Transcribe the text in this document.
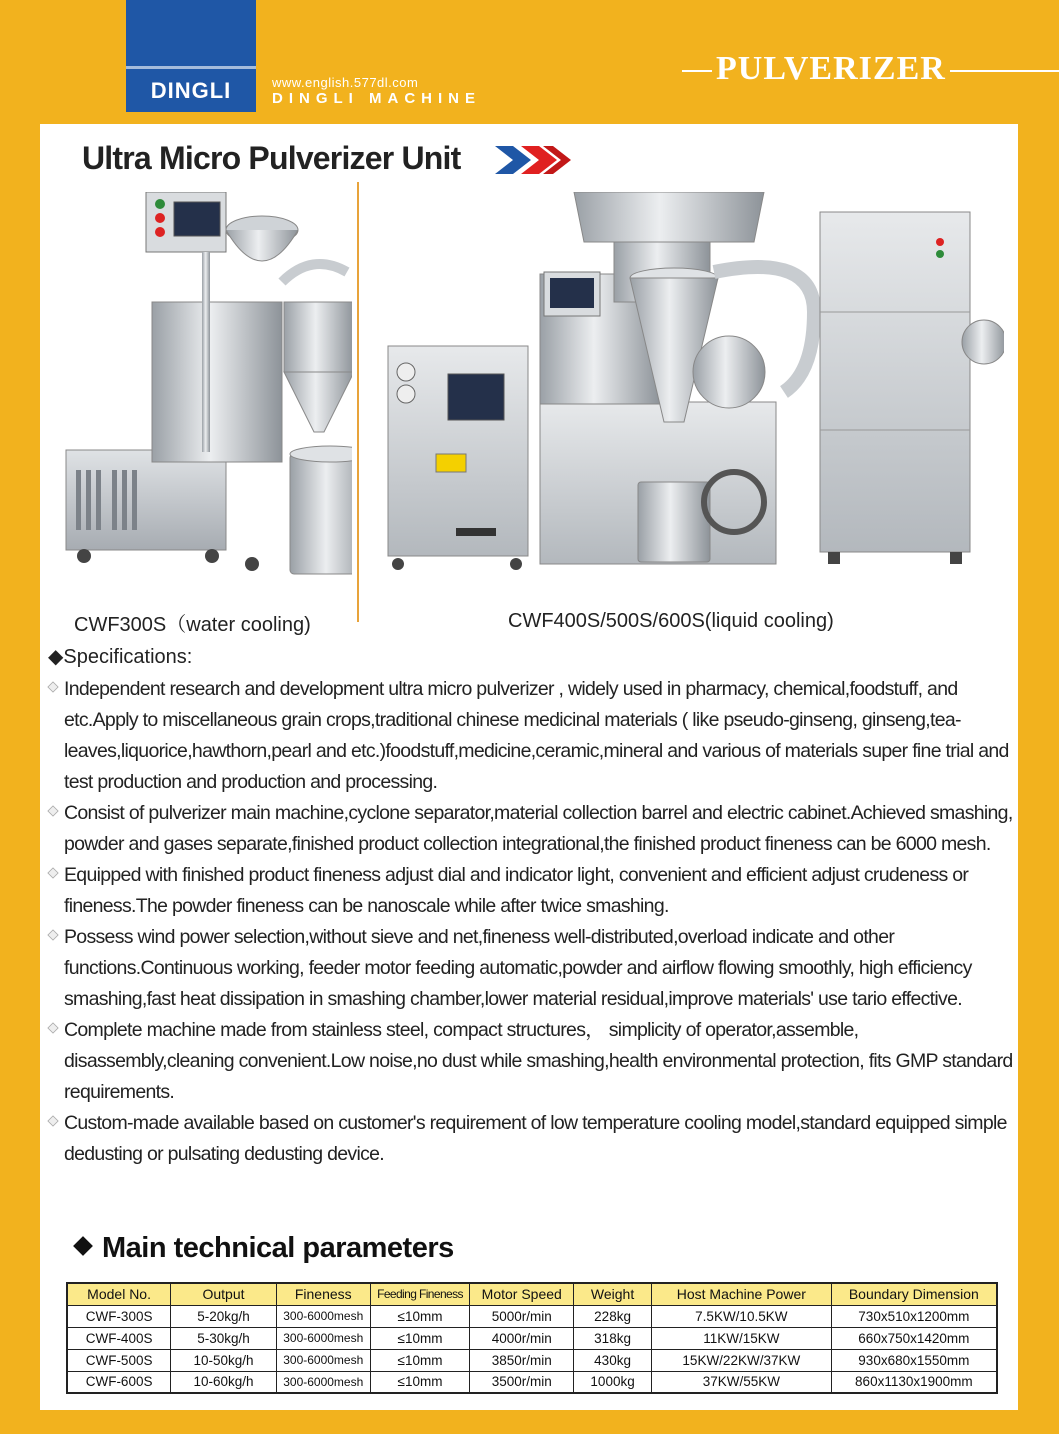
DINGLI	www.english.577dl.com
DINGLI MACHINE
PULVERIZER
Ultra Micro Pulverizer Unit
CWF300S（water cooling)	CWF400S/500S/600S(liquid cooling)
◆Specifications:
Independent research and development ultra micro pulverizer , widely used in pharmacy, chemical,foodstuff, and etc.Apply to miscellaneous grain crops,traditional chinese medicinal materials ( like pseudo-ginseng, ginseng,tea-leaves,liquorice,hawthorn,pearl and etc.)foodstuff,medicine,ceramic,mineral and various of materials super fine trial and test production and production and processing.
Consist of pulverizer main machine,cyclone separator,material collection barrel and electric cabinet.Achieved smashing, powder and gases separate,finished product collection integrational,the finished product fineness can be 6000 mesh.
Equipped with finished product fineness adjust dial and indicator light, convenient and efficient adjust crudeness or fineness.The powder fineness can be nanoscale while after twice smashing.
Possess wind power selection,without sieve and net,fineness well-distributed,overload indicate and other functions.Continuous working, feeder motor feeding automatic,powder and airflow flowing smoothly, high efficiency smashing,fast heat dissipation in smashing chamber,lower material residual,improve materials' use tario effective.
Complete machine made from stainless steel, compact structures， simplicity of operator,assemble, disassembly,cleaning convenient.Low noise,no dust while smashing,health environmental protection, fits GMP standard requirements.
Custom-made available based on customer's requirement of low temperature cooling model,standard equipped simple dedusting or pulsating dedusting device.
Main technical parameters
Model No.	Output	Fineness	Feeding Fineness	Motor Speed	Weight	Host Machine Power	Boundary Dimension
CWF-300S	5-20kg/h	300-6000mesh	≤10mm	5000r/min	228kg	7.5KW/10.5KW	730x510x1200mm
CWF-400S	5-30kg/h	300-6000mesh	≤10mm	4000r/min	318kg	11KW/15KW	660x750x1420mm
CWF-500S	10-50kg/h	300-6000mesh	≤10mm	3850r/min	430kg	15KW/22KW/37KW	930x680x1550mm
CWF-600S	10-60kg/h	300-6000mesh	≤10mm	3500r/min	1000kg	37KW/55KW	860x1130x1900mm
